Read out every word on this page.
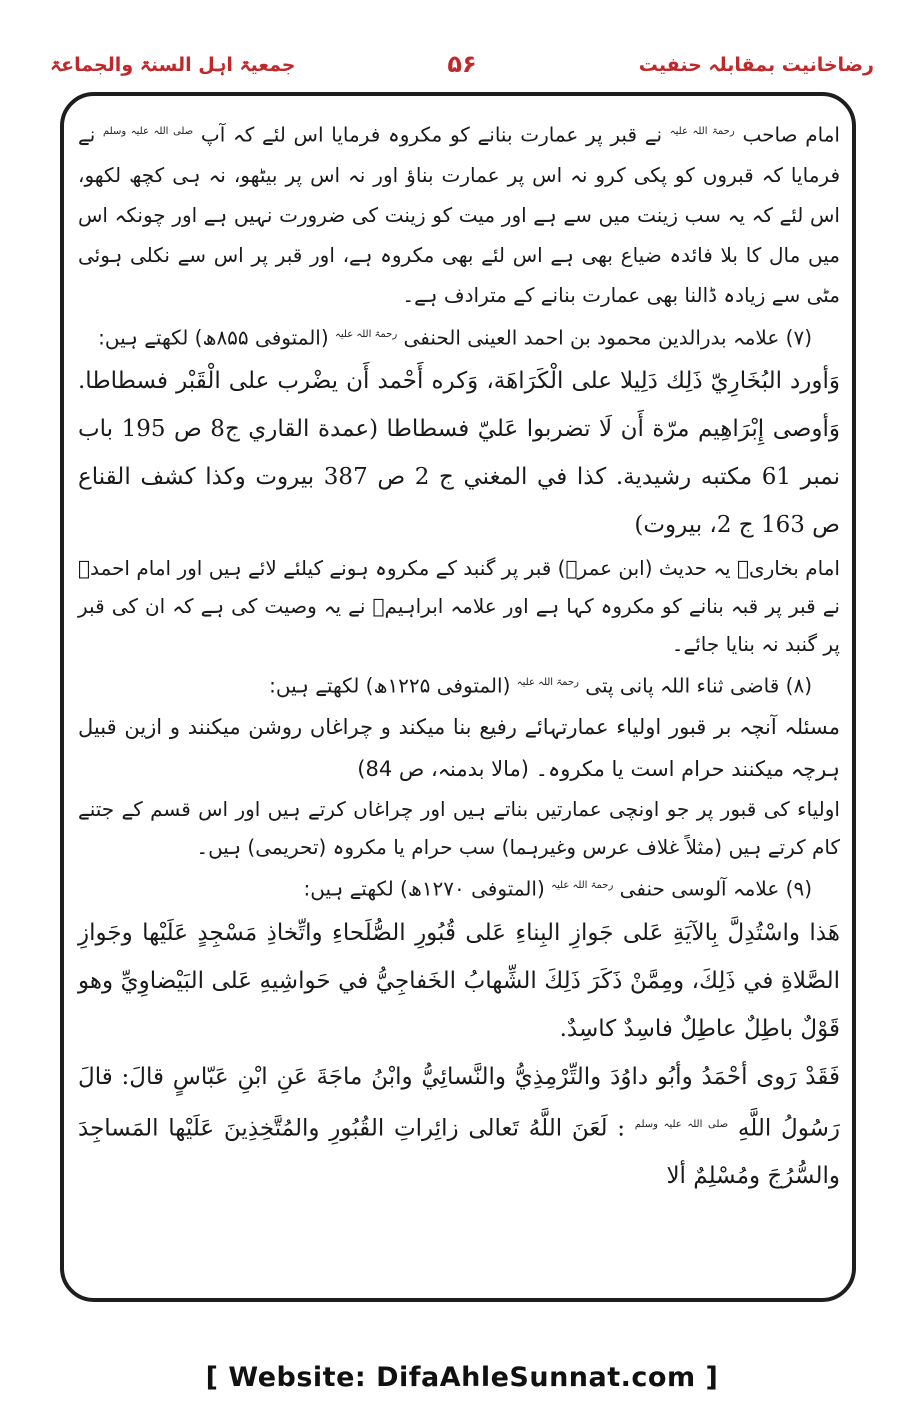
رضاخانیت بمقابلہ حنفیت
۵۶
جمعیۃ اہل السنۃ والجماعۃ

امام صاحب $^{رحمۃ اللہ علیہ}$ نے قبر پر عمارت بنانے کو مکروہ فرمایا اس لئے کہ آپ $^{صلی اللہ علیہ وسلم}$ نے فرمایا کہ قبروں کو پکی کرو نہ اس پر عمارت بناؤ اور نہ اس پر بیٹھو، نہ ہی کچھ لکھو، اس لئے کہ یہ سب زینت میں سے ہے اور میت کو زینت کی ضرورت نہیں ہے اور چونکہ اس میں مال کا بلا فائدہ ضیاع بھی ہے اس لئے بھی مکروہ ہے، اور قبر پر اس سے نکلی ہوئی مٹی سے زیادہ ڈالنا بھی عمارت بنانے کے مترادف ہے۔

(۷) علامہ بدرالدین محمود بن احمد العینی الحنفی $^{رحمۃ اللہ علیہ}$ (المتوفی ۸۵۵ھ) لکھتے ہیں:

وَأورد البُخَارِيّ ذَلِك دَلِيلا على الْكَرَاهَة، وَكره أَحْمد أَن يضْرب على الْقَبْر فسطاطا. وَأوصى إِبْرَاهِيم مرّة أَن لَا تضربوا عَليّ فسطاطا (عمدة القاري ج8 ص 195 باب نمبر 61 مكتبه رشيدية. كذا في المغني ج 2 ص 387 بيروت وكذا كشف القناع ص 163 ج 2، بيروت)

امام بخاریؒ یہ حدیث (ابن عمرؓ) قبر پر گنبد کے مکروہ ہونے کیلئے لائے ہیں اور امام احمدؒ نے قبر پر قبہ بنانے کو مکروہ کہا ہے اور علامہ ابراہیمؒ نے یہ وصیت کی ہے کہ ان کی قبر پر گنبد نہ بنایا جائے۔

(۸) قاضی ثناء اللہ پانی پتی $^{رحمۃ اللہ علیہ}$ (المتوفی ۱۲۲۵ھ) لکھتے ہیں:

مسئلہ آنچہ بر قبور اولیاء عمارتہائے رفیع بنا میکند و چراغاں روشن میکنند و ازین قبیل ہرچہ میکنند حرام است یا مکروہ۔ (مالا بدمنہ، ص 84)

اولیاء کی قبور پر جو اونچی عمارتیں بناتے ہیں اور چراغاں کرتے ہیں اور اس قسم کے جتنے کام کرتے ہیں (مثلاً غلاف عرس وغیرہما) سب حرام یا مکروہ (تحریمی) ہیں۔

(۹) علامہ آلوسی حنفی $^{رحمۃ اللہ علیہ}$ (المتوفی ۱۲۷۰ھ) لکھتے ہیں:

هَذا واسْتُدِلَّ بِالآيَةِ عَلى جَوازِ البِناءِ عَلى قُبُورِ الصُّلَحاءِ واتِّخاذِ مَسْجِدٍ عَلَيْها وجَوازِ الصَّلاةِ في ذَلِكَ، ومِمَّنْ ذَكَرَ ذَلِكَ الشِّهابُ الخَفاجِيُّ في حَواشِيهِ عَلى البَيْضاوِيِّ وهو قَوْلٌ باطِلٌ عاطِلٌ فاسِدٌ كاسِدٌ.

فَقَدْ رَوى أحْمَدُ وأبُو داوُدَ والتِّرْمِذِيُّ والنَّسائِيُّ وابْنُ ماجَةَ عَنِ ابْنِ عَبّاسٍ قالَ: قالَ رَسُولُ اللَّهِ $^{صلی اللہ علیہ وسلم}$ : لَعَنَ اللَّهُ تَعالى زائِراتِ القُبُورِ والمُتَّخِذِينَ عَلَيْها المَساجِدَ والسُّرُجَ ومُسْلِمٌ ألا

[ Website: DifaAhleSunnat.com ]
